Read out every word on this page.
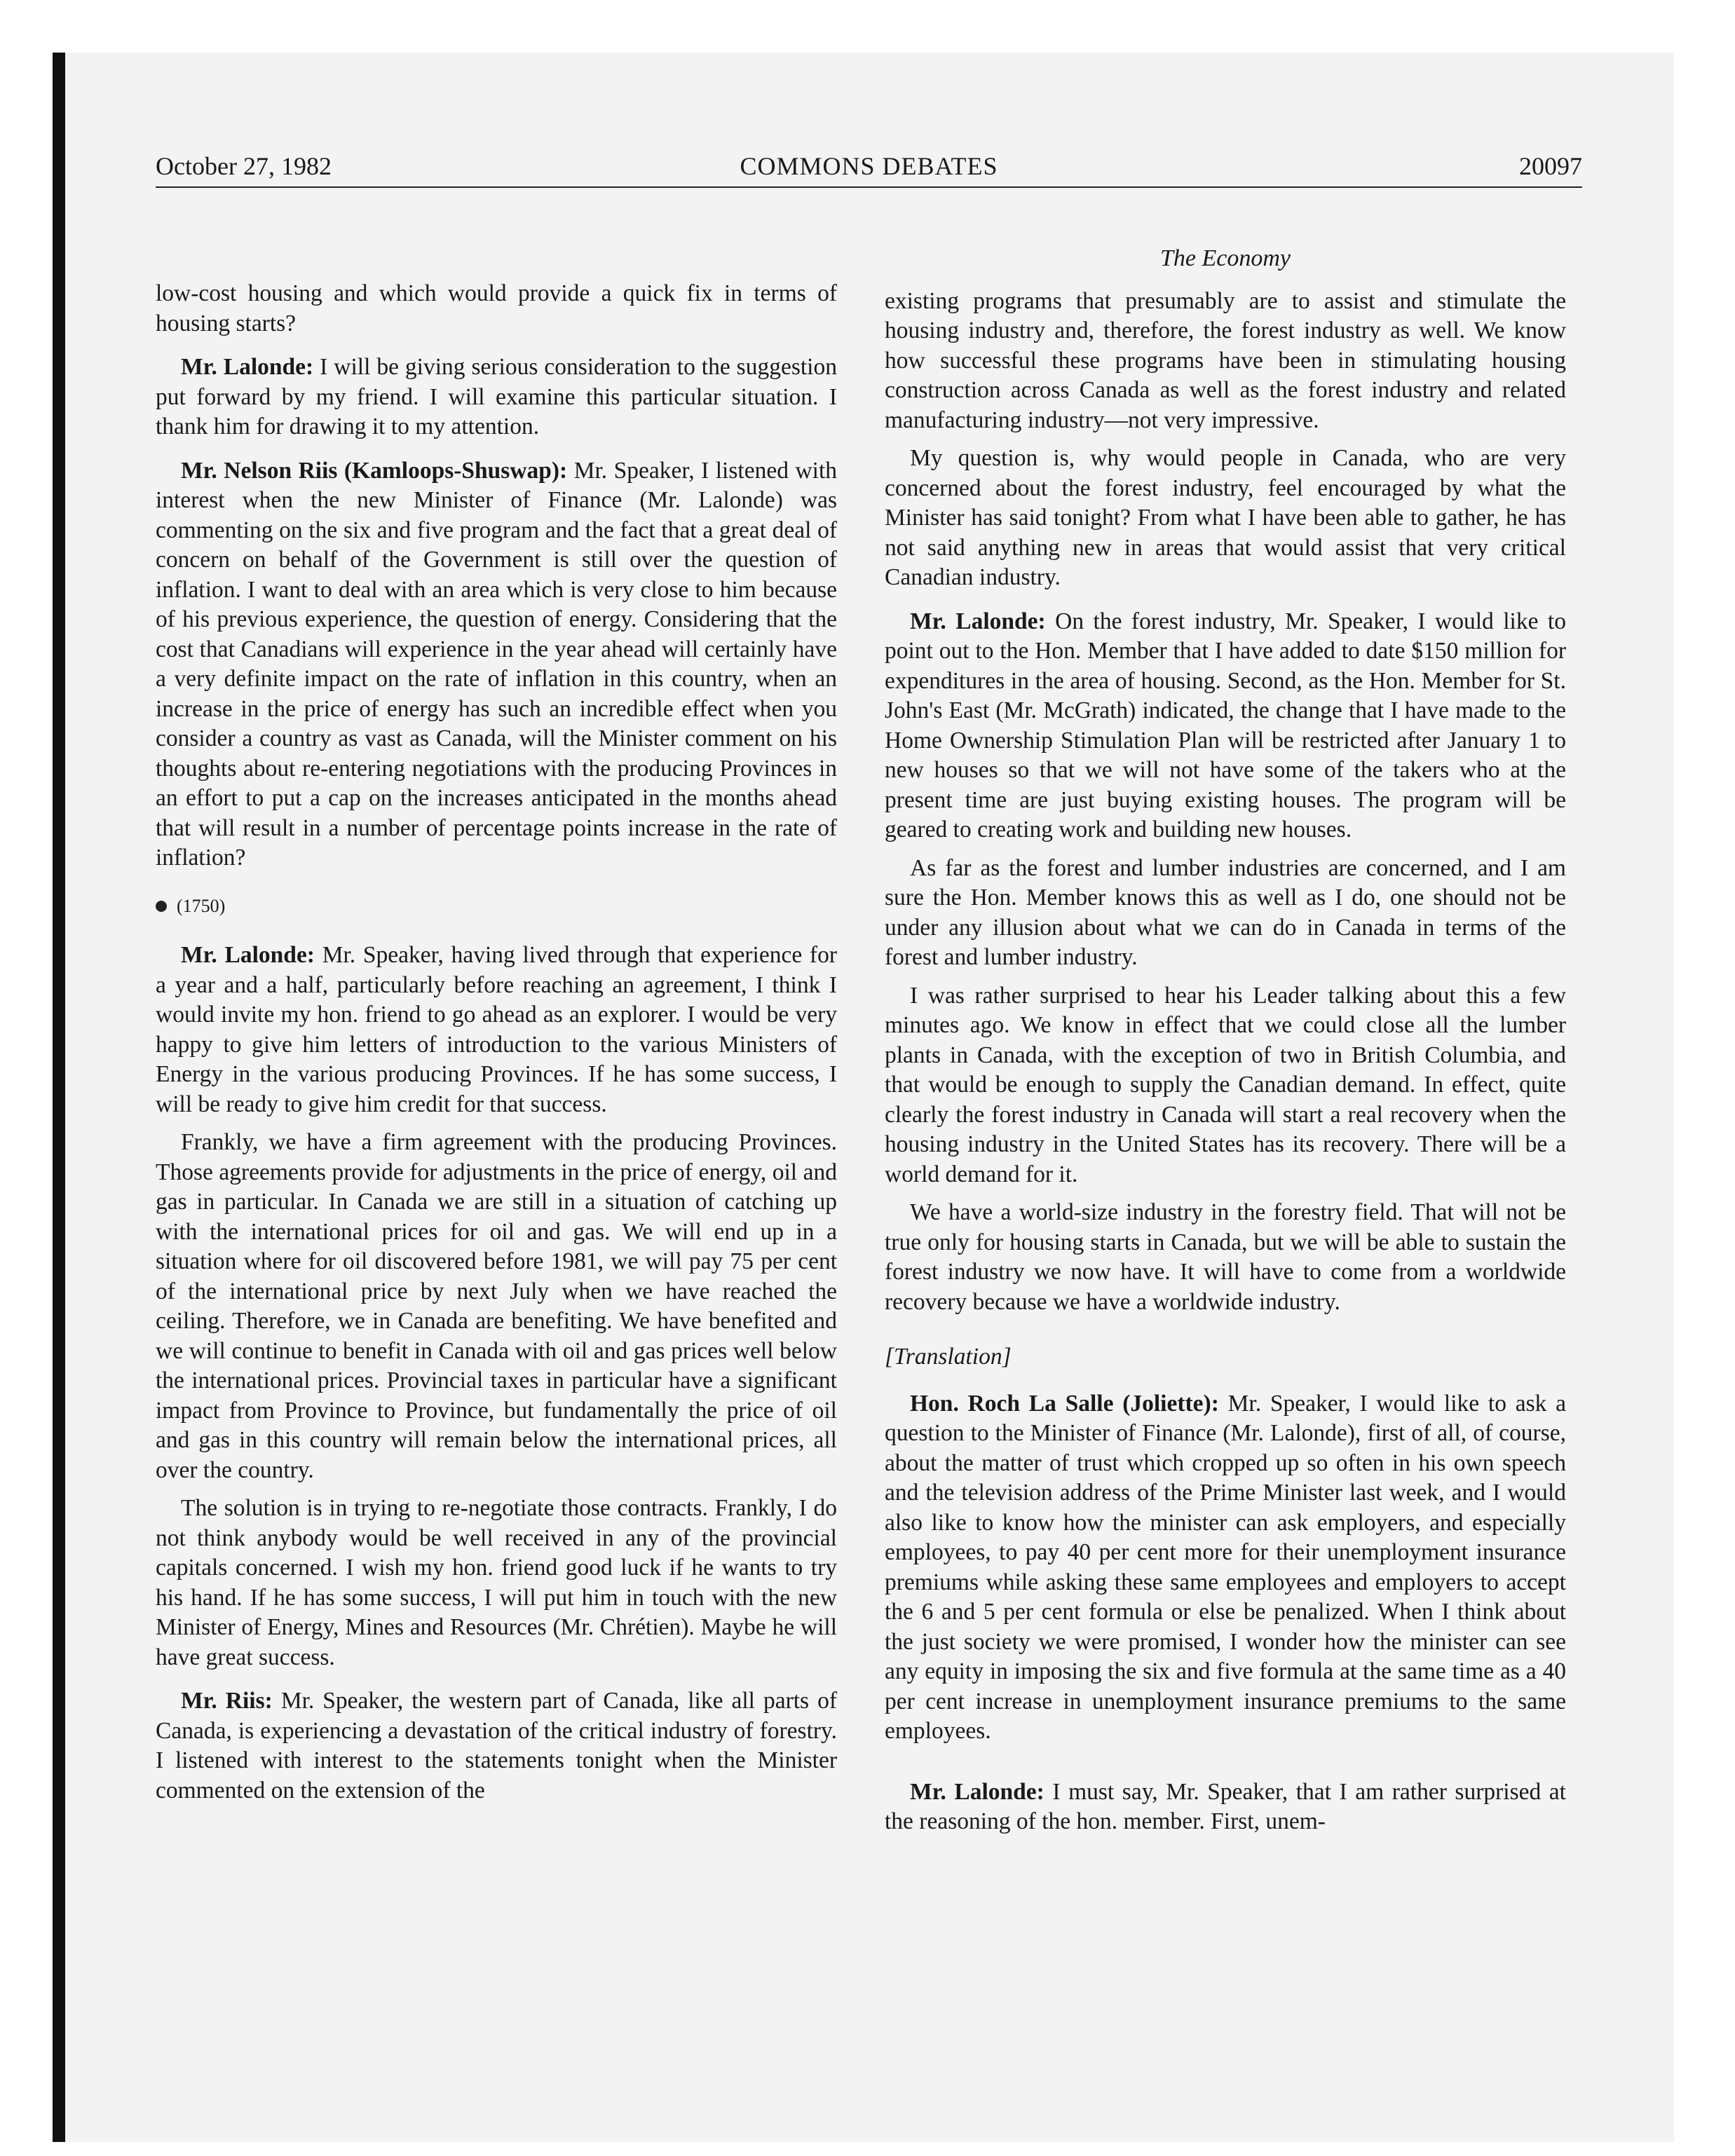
October 27, 1982	COMMONS DEBATES	20097

low-cost housing and which would provide a quick fix in terms of housing starts?

Mr. Lalonde: I will be giving serious consideration to the suggestion put forward by my friend. I will examine this particular situation. I thank him for drawing it to my attention.

Mr. Nelson Riis (Kamloops-Shuswap): Mr. Speaker, I listened with interest when the new Minister of Finance (Mr. Lalonde) was commenting on the six and five program and the fact that a great deal of concern on behalf of the Government is still over the question of inflation. I want to deal with an area which is very close to him because of his previous experience, the question of energy. Considering that the cost that Canadians will experience in the year ahead will certainly have a very definite impact on the rate of inflation in this country, when an increase in the price of energy has such an incredible effect when you consider a country as vast as Canada, will the Minister comment on his thoughts about re-entering negotiations with the producing Provinces in an effort to put a cap on the increases anticipated in the months ahead that will result in a number of percentage points increase in the rate of inflation?

(1750)

Mr. Lalonde: Mr. Speaker, having lived through that experience for a year and a half, particularly before reaching an agreement, I think I would invite my hon. friend to go ahead as an explorer. I would be very happy to give him letters of introduction to the various Ministers of Energy in the various producing Provinces. If he has some success, I will be ready to give him credit for that success.

Frankly, we have a firm agreement with the producing Provinces. Those agreements provide for adjustments in the price of energy, oil and gas in particular. In Canada we are still in a situation of catching up with the international prices for oil and gas. We will end up in a situation where for oil discovered before 1981, we will pay 75 per cent of the international price by next July when we have reached the ceiling. Therefore, we in Canada are benefiting. We have benefited and we will continue to benefit in Canada with oil and gas prices well below the international prices. Provincial taxes in particular have a significant impact from Province to Province, but fundamentally the price of oil and gas in this country will remain below the international prices, all over the country.

The solution is in trying to re-negotiate those contracts. Frankly, I do not think anybody would be well received in any of the provincial capitals concerned. I wish my hon. friend good luck if he wants to try his hand. If he has some success, I will put him in touch with the new Minister of Energy, Mines and Resources (Mr. Chrétien). Maybe he will have great success.

Mr. Riis: Mr. Speaker, the western part of Canada, like all parts of Canada, is experiencing a devastation of the critical industry of forestry. I listened with interest to the statements tonight when the Minister commented on the extension of the

The Economy

existing programs that presumably are to assist and stimulate the housing industry and, therefore, the forest industry as well. We know how successful these programs have been in stimulating housing construction across Canada as well as the forest industry and related manufacturing industry—not very impressive.

My question is, why would people in Canada, who are very concerned about the forest industry, feel encouraged by what the Minister has said tonight? From what I have been able to gather, he has not said anything new in areas that would assist that very critical Canadian industry.

Mr. Lalonde: On the forest industry, Mr. Speaker, I would like to point out to the Hon. Member that I have added to date $150 million for expenditures in the area of housing. Second, as the Hon. Member for St. John's East (Mr. McGrath) indicated, the change that I have made to the Home Ownership Stimulation Plan will be restricted after January 1 to new houses so that we will not have some of the takers who at the present time are just buying existing houses. The program will be geared to creating work and building new houses.

As far as the forest and lumber industries are concerned, and I am sure the Hon. Member knows this as well as I do, one should not be under any illusion about what we can do in Canada in terms of the forest and lumber industry.

I was rather surprised to hear his Leader talking about this a few minutes ago. We know in effect that we could close all the lumber plants in Canada, with the exception of two in British Columbia, and that would be enough to supply the Canadian demand. In effect, quite clearly the forest industry in Canada will start a real recovery when the housing industry in the United States has its recovery. There will be a world demand for it.

We have a world-size industry in the forestry field. That will not be true only for housing starts in Canada, but we will be able to sustain the forest industry we now have. It will have to come from a worldwide recovery because we have a worldwide industry.

[Translation]

Hon. Roch La Salle (Joliette): Mr. Speaker, I would like to ask a question to the Minister of Finance (Mr. Lalonde), first of all, of course, about the matter of trust which cropped up so often in his own speech and the television address of the Prime Minister last week, and I would also like to know how the minister can ask employers, and especially employees, to pay 40 per cent more for their unemployment insurance premiums while asking these same employees and employers to accept the 6 and 5 per cent formula or else be penalized. When I think about the just society we were promised, I wonder how the minister can see any equity in imposing the six and five formula at the same time as a 40 per cent increase in unemployment insurance premiums to the same employees.

Mr. Lalonde: I must say, Mr. Speaker, that I am rather surprised at the reasoning of the hon. member. First, unem-
